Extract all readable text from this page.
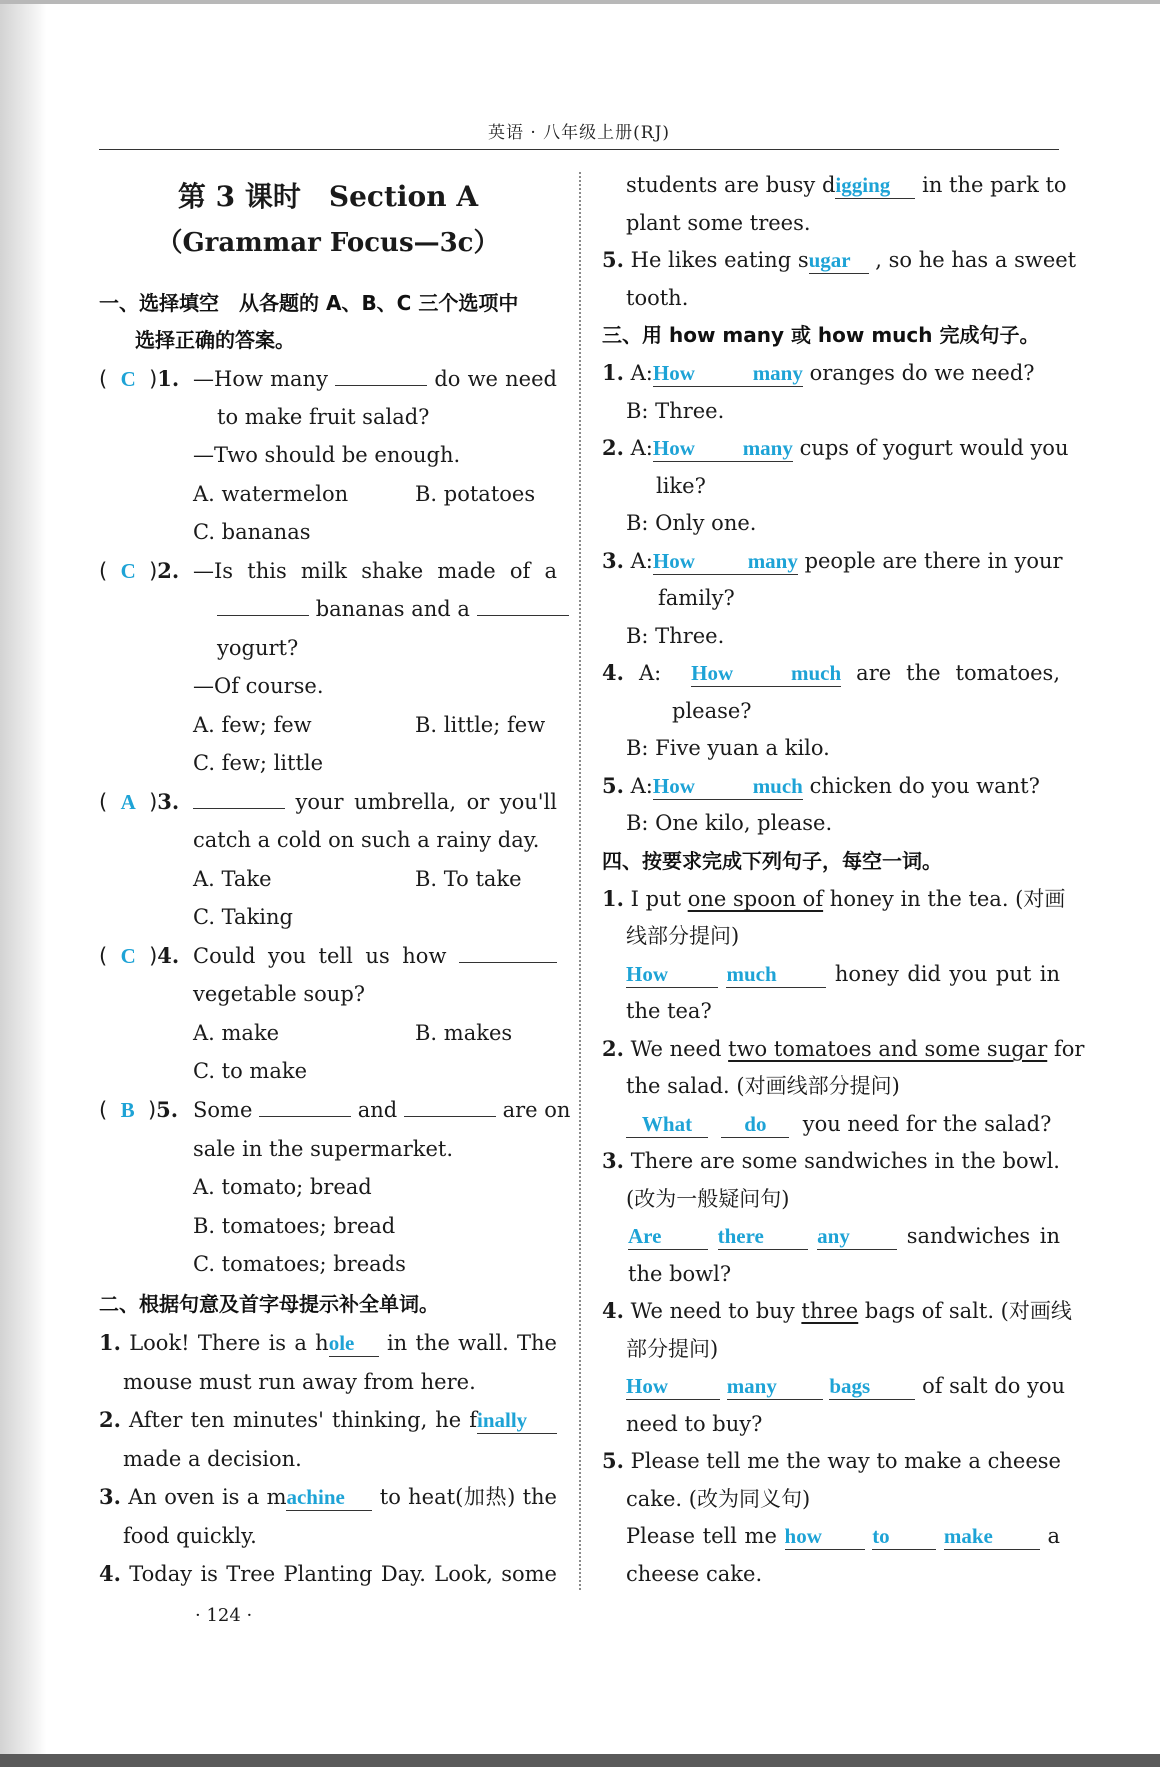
英语 · 八年级上册(RJ)
第 3 课时　Section A
（Grammar Focus—3c）
一、选择填空　从各题的 A、B、C 三个选项中
选择正确的答案。
( C )1. —How many	do we need
to make fruit salad?
—Two should be enough.
A. watermelon	B. potatoes
C. bananas
( C )2. —Is this milk shake made of a
bananas and a
yogurt?
—Of course.
A. few; few	B. little; few
C. few; little
( A )3.	your umbrella, or you'll
catch a cold on such a rainy day.
A. Take	B. To take
C. Taking
( C )4. Could you tell us how
vegetable soup?
A. make	B. makes
C. to make
( B )5. Some	and	are on
sale in the supermarket.
A. tomato; bread
B. tomatoes; bread
C. tomatoes; breads
二、根据句意及首字母提示补全单词。
1. Look! There is a hole in the wall. The
mouse must run away from here.
2. After ten minutes' thinking, he finally
made a decision.
3. An oven is a machine to heat(加热) the
food quickly.
4. Today is Tree Planting Day. Look, some
· 124 ·
students are busy digging in the park to
plant some trees.
5. He likes eating sugar , so he has a sweet
tooth.
三、用 how many 或 how much 完成句子。
1. A:How many oranges do we need?
B: Three.
2. A:How many cups of yogurt would you
like?
B: Only one.
3. A:How many people are there in your
family?
B: Three.
4. A: How much are the tomatoes,
please?
B: Five yuan a kilo.
5. A:How much chicken do you want?
B: One kilo, please.
四、按要求完成下列句子，每空一词。
1. I put one spoon of honey in the tea. (对画
线部分提问)
How	much	honey did you put in
the tea?
2. We need two tomatoes and some sugar for
the salad. (对画线部分提问)
What do you need for the salad?
3. There are some sandwiches in the bowl.
(改为一般疑问句)
Are	there	any	sandwiches in
the bowl?
4. We need to buy three bags of salt. (对画线
部分提问)
How	many	bags of salt do you
need to buy?
5. Please tell me the way to make a cheese
cake. (改为同义句)
Please tell me how to	make	a
cheese cake.
